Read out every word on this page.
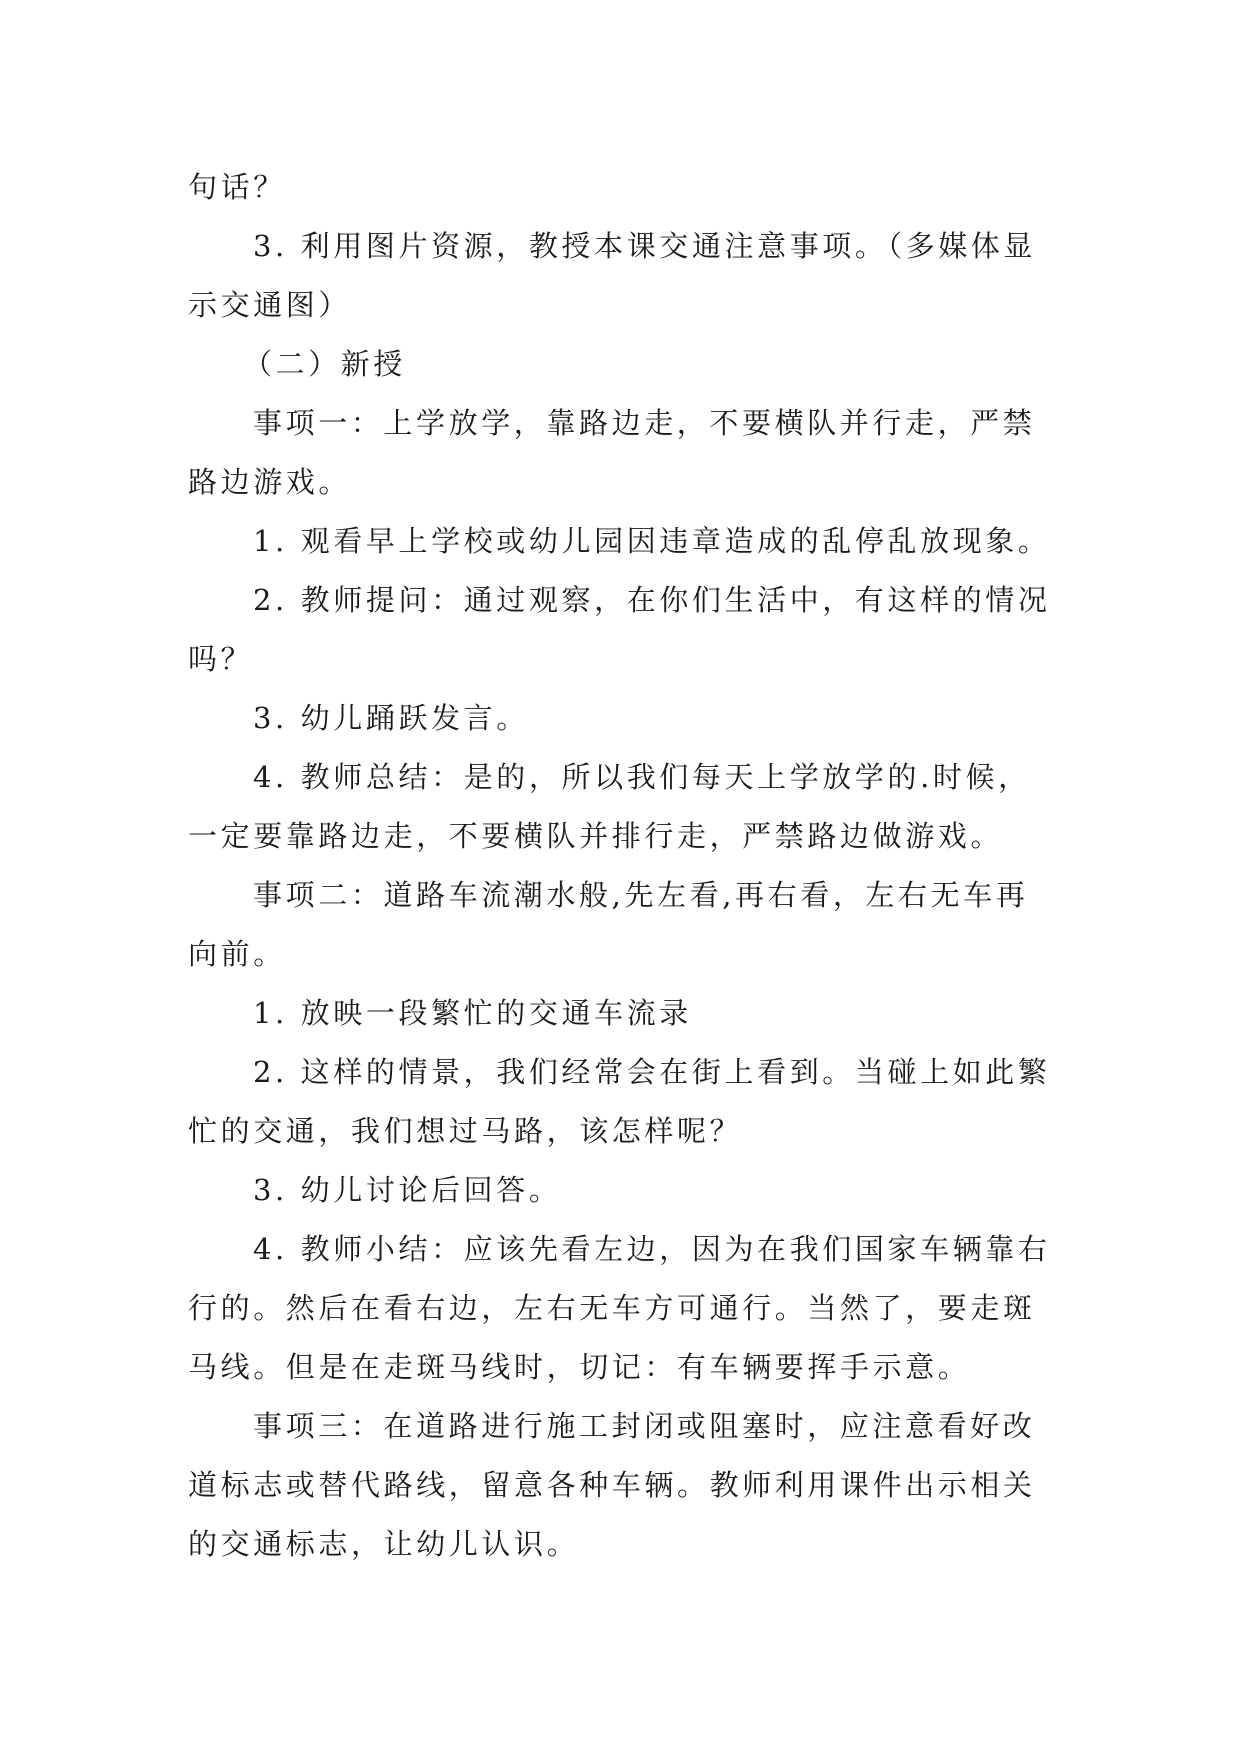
句话？
3. 利用图片资源，教授本课交通注意事项。（多媒体显
示交通图）
（二）新授
事项一：上学放学，靠路边走，不要横队并行走，严禁
路边游戏。
1. 观看早上学校或幼儿园因违章造成的乱停乱放现象。
2. 教师提问：通过观察，在你们生活中，有这样的情况
吗？
3. 幼儿踊跃发言。
4. 教师总结：是的，所以我们每天上学放学的.时候，
一定要靠路边走，不要横队并排行走，严禁路边做游戏。
事项二：道路车流潮水般,先左看,再右看，左右无车再
向前。
1. 放映一段繁忙的交通车流录
2. 这样的情景，我们经常会在街上看到。当碰上如此繁
忙的交通，我们想过马路，该怎样呢？
3. 幼儿讨论后回答。
4. 教师小结：应该先看左边，因为在我们国家车辆靠右
行的。然后在看右边，左右无车方可通行。当然了，要走斑
马线。但是在走斑马线时，切记：有车辆要挥手示意。
事项三：在道路进行施工封闭或阻塞时，应注意看好改
道标志或替代路线，留意各种车辆。教师利用课件出示相关
的交通标志，让幼儿认识。
